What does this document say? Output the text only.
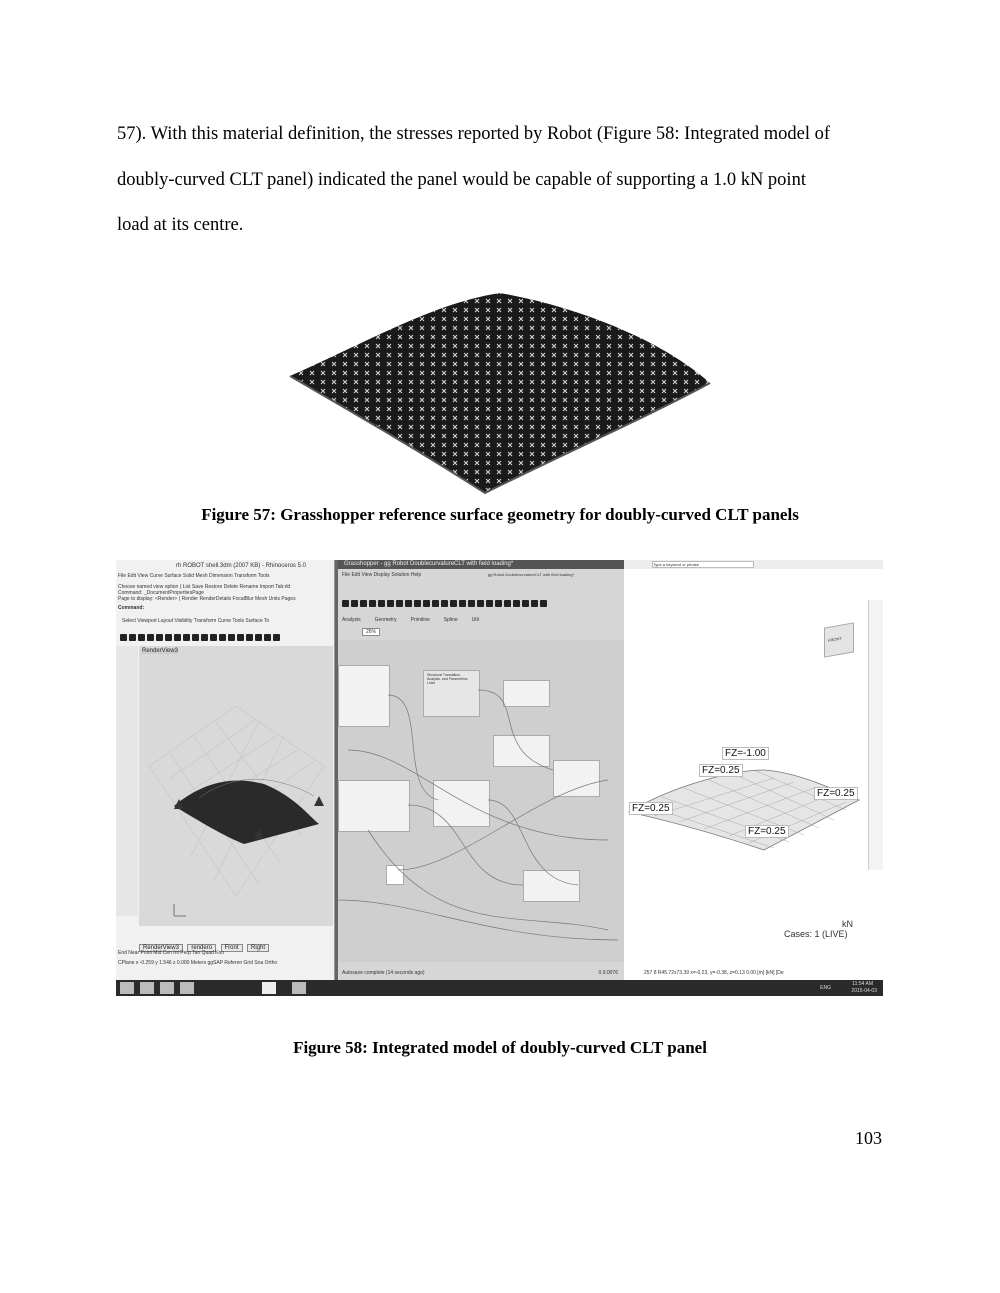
57). With this material definition, the stresses reported by Robot (Figure 58: Integrated model of
doubly-curved CLT panel) indicated the panel would be capable of supporting a 1.0 kN point
load at its centre.

Figure 57: Grasshopper reference surface geometry for doubly-curved CLT panels
rh ROBOT shell.3dm (2007 KB) - Rhinoceros 5.0
File Edit View Curve Surface Solid Mesh Dimension Transform Tools
Choose named view option ( List Save Restore Delete Rename Import Tab:rld
Command: _DocumentPropertiesPage
Page to display: <Render> ( Render RenderDetails FocalBlur Mesh Units Pages
Command:
Select Viewport Layout Visibility Transform Curve Tools Surface To
RenderView3
RenderView3 rendero Front Right
End Near Point Mid Cen Int Perp Tan Quad Kno
CPlane x -0.259 y 1.546 z 0.000 Meters ggSAP Referen Grid Sna Ortho
Grasshopper - gg Robot DoublecurvatureCLT with field loading*
File Edit View Display Solution Help	gg Robot DoublecurvatureCLT with field loading*
Analysis	Geometry	Primitive	Spline	Util
26%
Structural Translation, Analysis, and Parametrics Links
Autosave complete (14 seconds ago)	0.9.0076
Type a keyword or phrase
FRONT
FZ=-1.00
FZ=0.25
FZ=0.25
FZ=0.25
FZ=0.25
kN
Cases: 1 (LIVE)
257 8 R45.72x73.39 x=-0.23, y=-0.38, z=0.13 0.00 [m] [kN] [De
ENG
11:54 AM
2015-04-03
Figure 58: Integrated model of doubly-curved CLT panel
103
